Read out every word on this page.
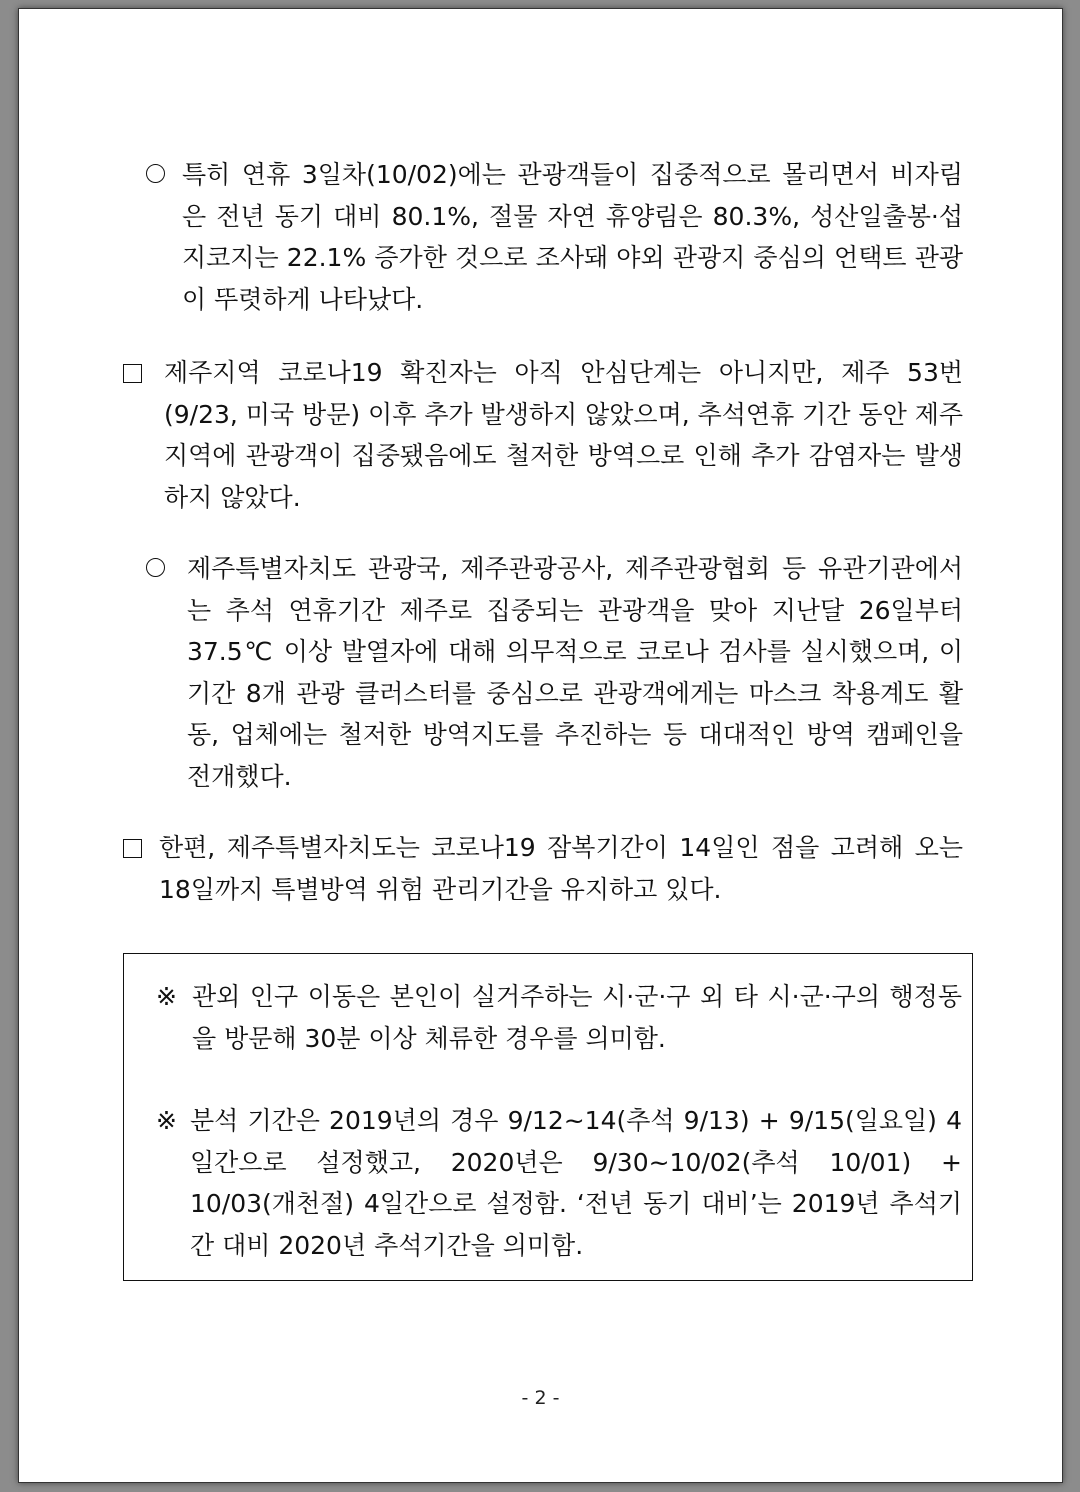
특히 연휴 3일차(10/02)에는 관광객들이 집중적으로 몰리면서 비자림은 전년 동기 대비 80.1%, 절물 자연 휴양림은 80.3%, 성산일출봉·섭지코지는 22.1% 증가한 것으로 조사돼 야외 관광지 중심의 언택트 관광이 뚜렷하게 나타났다.
제주지역 코로나19 확진자는 아직 안심단계는 아니지만, 제주 53번 (9/23, 미국 방문) 이후 추가 발생하지 않았으며, 추석연휴 기간 동안 제주지역에 관광객이 집중됐음에도 철저한 방역으로 인해 추가 감염자는 발생하지 않았다.
제주특별자치도 관광국, 제주관광공사, 제주관광협회 등 유관기관에서는 추석 연휴기간 제주로 집중되는 관광객을 맞아 지난달 26일부터 37.5℃ 이상 발열자에 대해 의무적으로 코로나 검사를 실시했으며, 이 기간 8개 관광 클러스터를 중심으로 관광객에게는 마스크 착용계도 활동, 업체에는 철저한 방역지도를 추진하는 등 대대적인 방역 캠페인을 전개했다.
한편, 제주특별자치도는 코로나19 잠복기간이 14일인 점을 고려해 오는 18일까지 특별방역 위험 관리기간을 유지하고 있다.
※ 관외 인구 이동은 본인이 실거주하는 시·군·구 외 타 시·군·구의 행정동을 방문해 30분 이상 체류한 경우를 의미함.
※ 분석 기간은 2019년의 경우 9/12~14(추석 9/13) + 9/15(일요일) 4일간으로 설정했고, 2020년은 9/30~10/02(추석 10/01) + 10/03(개천절) 4일간으로 설정함. ‘전년 동기 대비’는 2019년 추석기간 대비 2020년 추석기간을 의미함.
- 2 -
